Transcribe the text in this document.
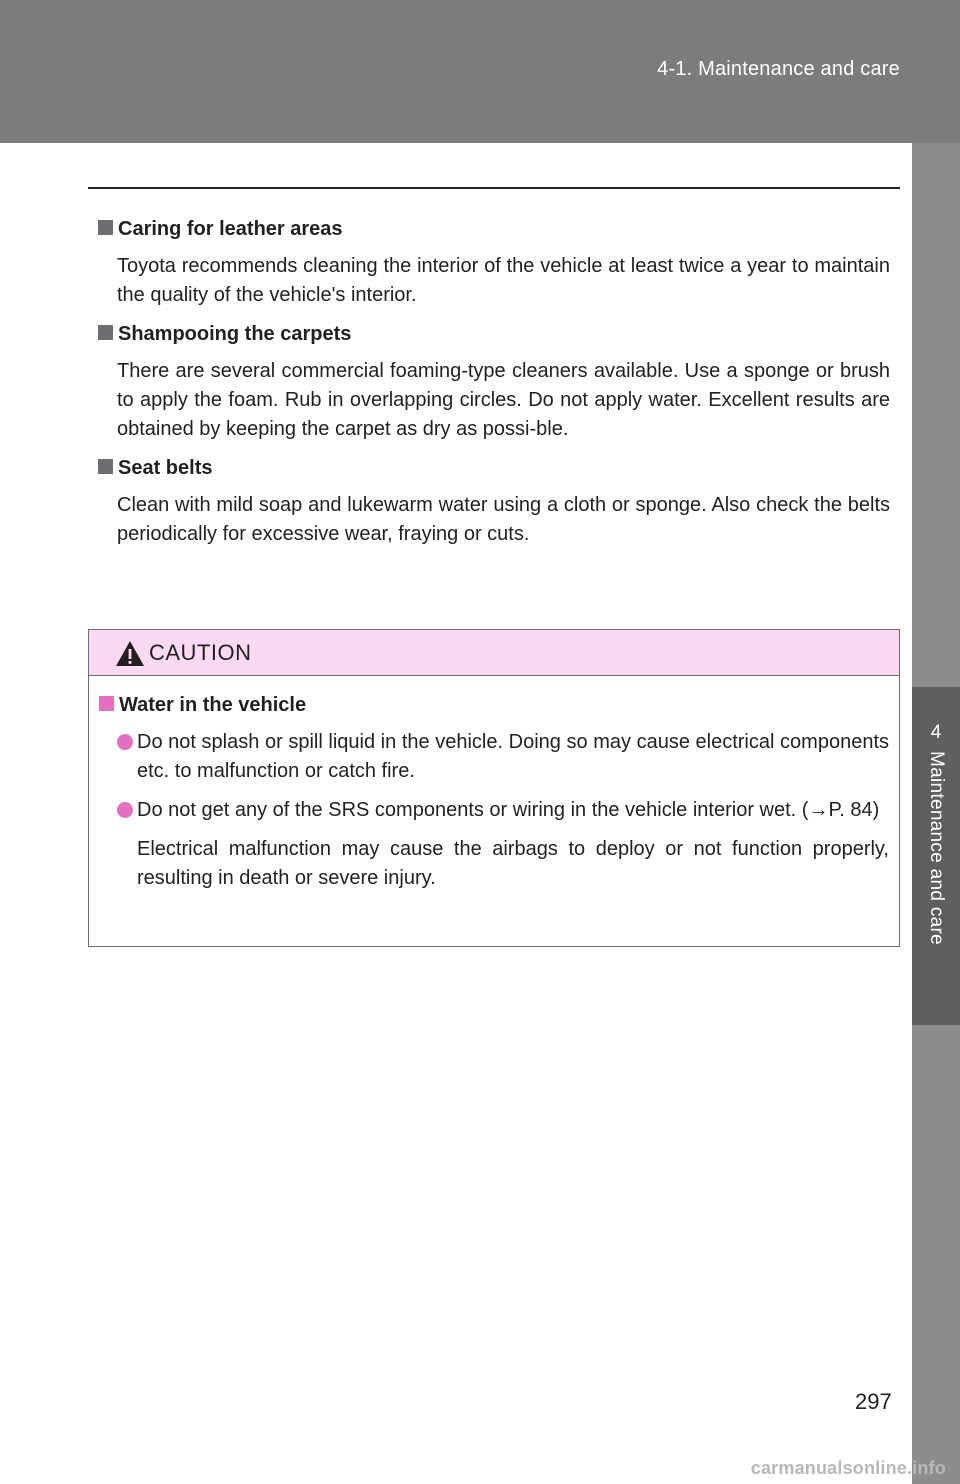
4-1. Maintenance and care
4
Maintenance and care

Caring for leather areas

Toyota recommends cleaning the interior of the vehicle at least twice a year to maintain the quality of the vehicle's interior.

Shampooing the carpets

There are several commercial foaming-type cleaners available. Use a sponge or brush to apply the foam. Rub in overlapping circles. Do not apply water. Excellent results are obtained by keeping the carpet as dry as possi-ble.

Seat belts

Clean with mild soap and lukewarm water using a cloth or sponge. Also check the belts periodically for excessive wear, fraying or cuts.

CAUTION

Water in the vehicle

Do not splash or spill liquid in the vehicle. Doing so may cause electrical components etc. to malfunction or catch fire.
Do not get any of the SRS components or wiring in the vehicle interior wet. (→P. 84)

Electrical malfunction may cause the airbags to deploy or not function properly, resulting in death or severe injury.

297
carmanualsonline.info
